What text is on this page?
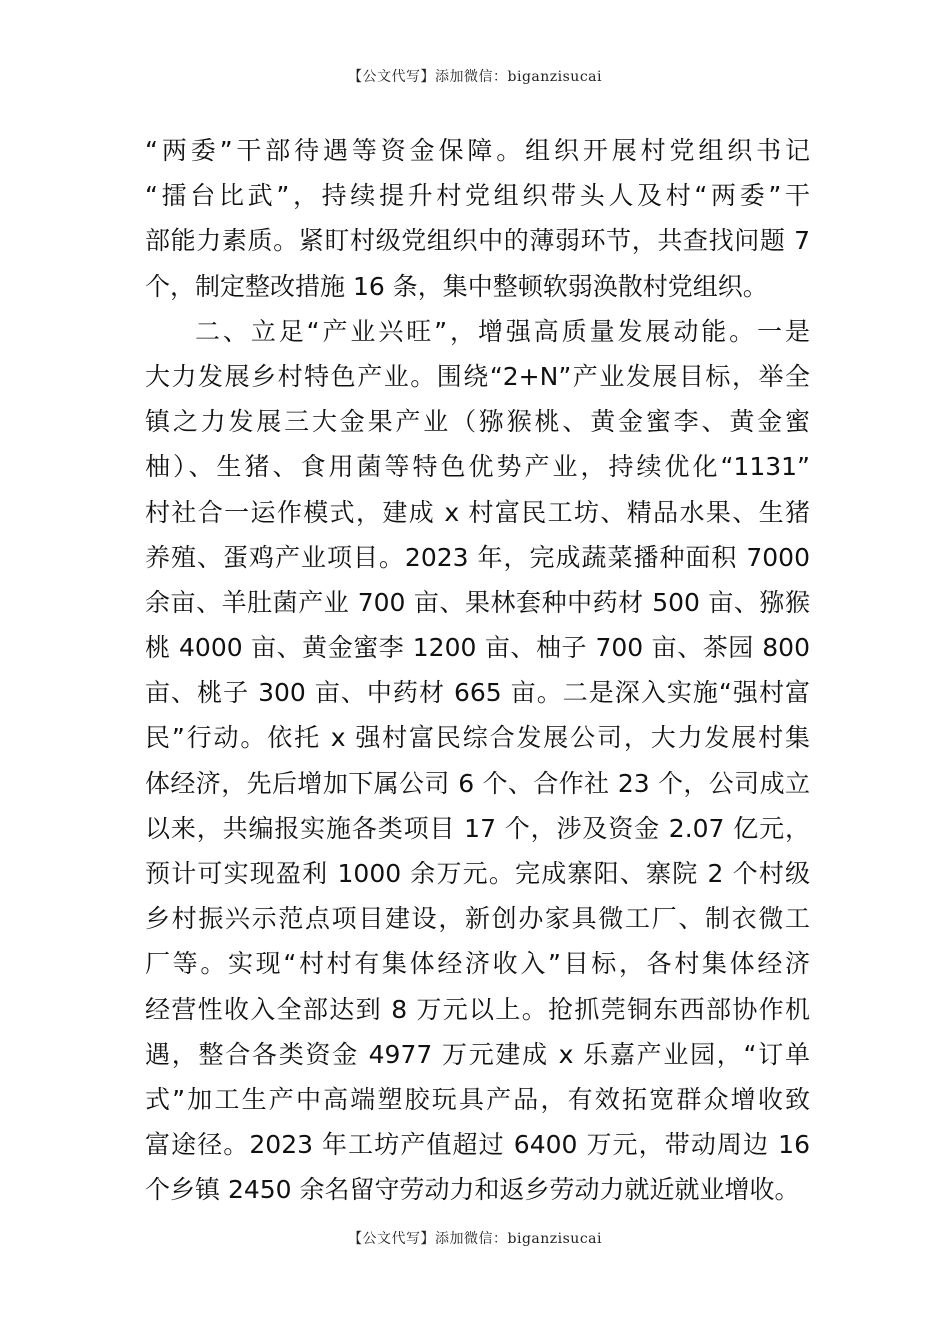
【公文代写】添加微信：biganzisucai
“两委”干部待遇等资金保障。组织开展村党组织书记
“擂台比武”，持续提升村党组织带头人及村“两委”干
部能力素质。紧盯村级党组织中的薄弱环节，共查找问题 7
个，制定整改措施 16 条，集中整顿软弱涣散村党组织。
二、立足“产业兴旺”，增强高质量发展动能。一是
大力发展乡村特色产业。围绕“2+N”产业发展目标，举全
镇之力发展三大金果产业（猕猴桃、黄金蜜李、黄金蜜
柚）、生猪、食用菌等特色优势产业，持续优化“1131”
村社合一运作模式，建成 x 村富民工坊、精品水果、生猪
养殖、蛋鸡产业项目。2023 年，完成蔬菜播种面积 7000
余亩、羊肚菌产业 700 亩、果林套种中药材 500 亩、猕猴
桃 4000 亩、黄金蜜李 1200 亩、柚子 700 亩、茶园 800
亩、桃子 300 亩、中药材 665 亩。二是深入实施“强村富
民”行动。依托 x 强村富民综合发展公司，大力发展村集
体经济，先后增加下属公司 6 个、合作社 23 个，公司成立
以来，共编报实施各类项目 17 个，涉及资金 2.07 亿元，
预计可实现盈利 1000 余万元。完成寨阳、寨院 2 个村级
乡村振兴示范点项目建设，新创办家具微工厂、制衣微工
厂等。实现“村村有集体经济收入”目标，各村集体经济
经营性收入全部达到 8 万元以上。抢抓莞铜东西部协作机
遇，整合各类资金 4977 万元建成 x 乐嘉产业园，“订单
式”加工生产中高端塑胶玩具产品，有效拓宽群众增收致
富途径。2023 年工坊产值超过 6400 万元，带动周边 16
个乡镇 2450 余名留守劳动力和返乡劳动力就近就业增收。
【公文代写】添加微信：biganzisucai
